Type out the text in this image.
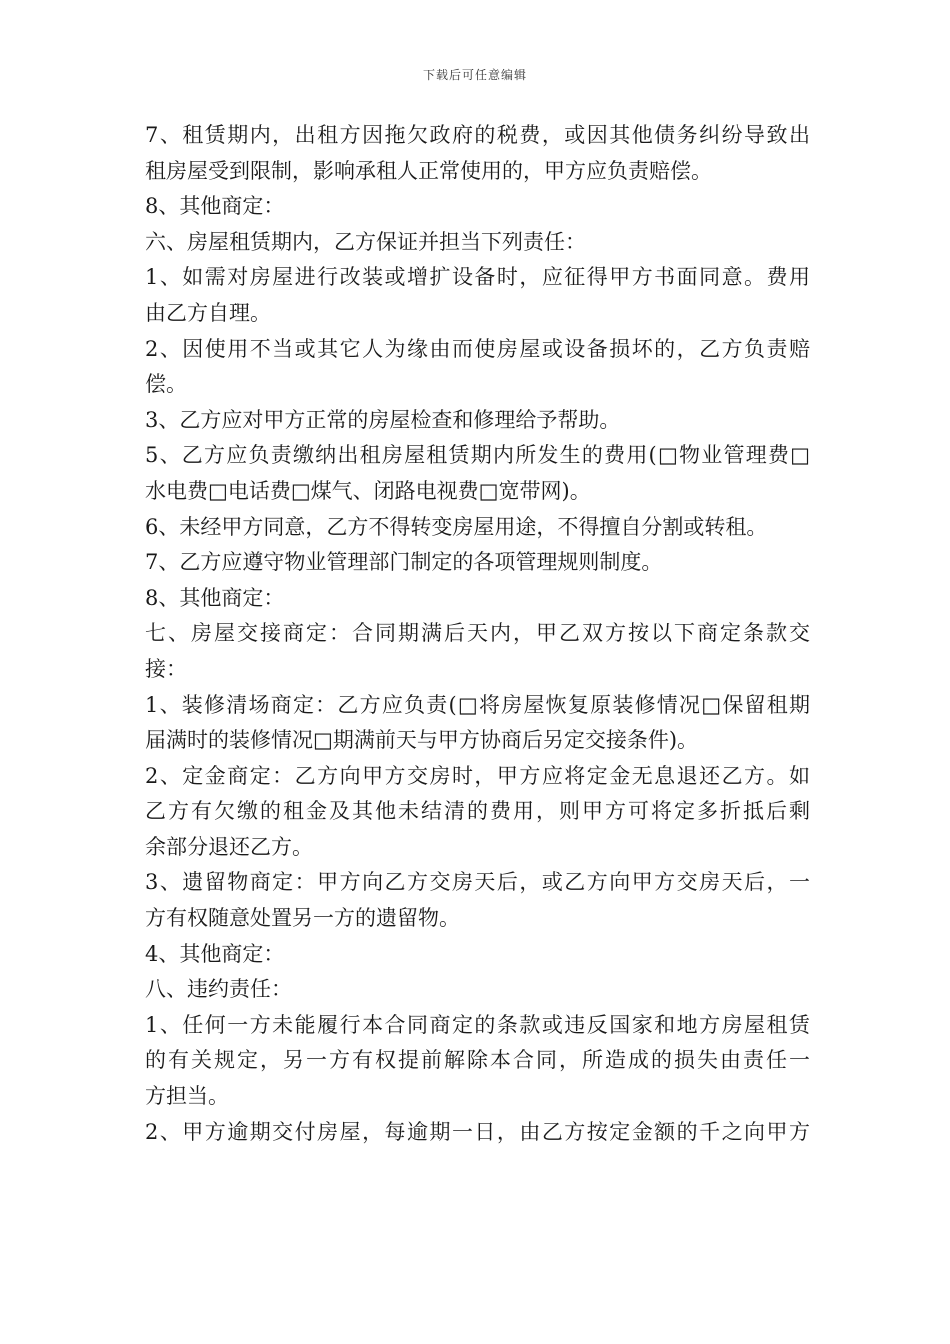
下载后可任意编辑
7、租赁期内，出租方因拖欠政府的税费，或因其他债务纠纷导致出
租房屋受到限制，影响承租人正常使用的，甲方应负责赔偿。
8、其他商定：
六、房屋租赁期内，乙方保证并担当下列责任：
1、如需对房屋进行改装或增扩设备时，应征得甲方书面同意。费用
由乙方自理。
2、因使用不当或其它人为缘由而使房屋或设备损坏的，乙方负责赔
偿。
3、乙方应对甲方正常的房屋检查和修理给予帮助。
5、乙方应负责缴纳出租房屋租赁期内所发生的费用(□物业管理费□
水电费□电话费□煤气、闭路电视费□宽带网)。
6、未经甲方同意，乙方不得转变房屋用途，不得擅自分割或转租。
7、乙方应遵守物业管理部门制定的各项管理规则制度。
8、其他商定：
七、房屋交接商定：合同期满后天内，甲乙双方按以下商定条款交
接：
1、装修清场商定：乙方应负责(□将房屋恢复原装修情况□保留租期
届满时的装修情况□期满前天与甲方协商后另定交接条件)。
2、定金商定：乙方向甲方交房时，甲方应将定金无息退还乙方。如
乙方有欠缴的租金及其他未结清的费用，则甲方可将定多折抵后剩
余部分退还乙方。
3、遗留物商定：甲方向乙方交房天后，或乙方向甲方交房天后，一
方有权随意处置另一方的遗留物。
4、其他商定：
八、违约责任：
1、任何一方未能履行本合同商定的条款或违反国家和地方房屋租赁
的有关规定，另一方有权提前解除本合同，所造成的损失由责任一
方担当。
2、甲方逾期交付房屋，每逾期一日，由乙方按定金额的千之向甲方
